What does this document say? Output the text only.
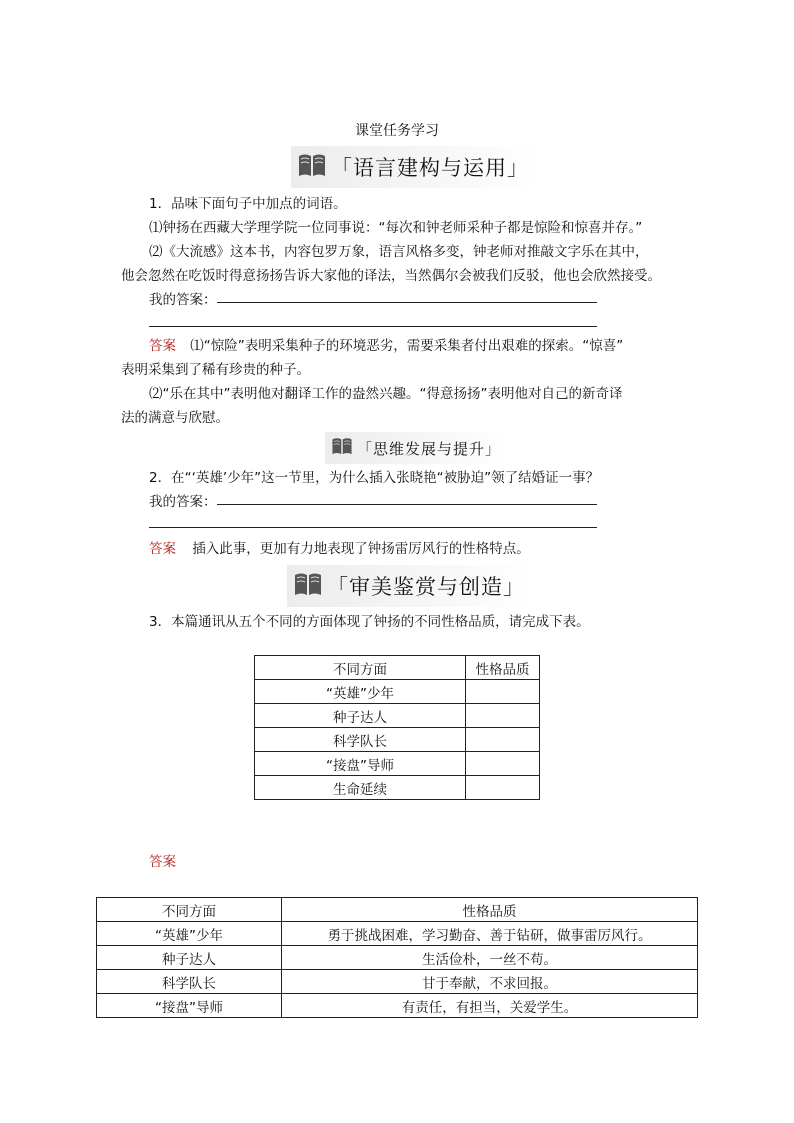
课堂任务学习
「语言建构与运用」
1．品味下面句子中加点的词语。
⑴钟扬在西藏大学理学院一位同事说：“每次和钟老师采种子都是惊险和惊喜并存。”
⑵《大流感》这本书，内容包罗万象，语言风格多变，钟老师对推敲文字乐在其中，
他会忽然在吃饭时得意扬扬告诉大家他的译法，当然偶尔会被我们反驳，他也会欣然接受。
我的答案：
答案 ⑴“惊险”表明采集种子的环境恶劣，需要采集者付出艰难的探索。“惊喜”
表明采集到了稀有珍贵的种子。
⑵“乐在其中”表明他对翻译工作的盎然兴趣。“得意扬扬”表明他对自己的新奇译
法的满意与欣慰。
「思维发展与提升」
2．在“‘英雄’少年”这一节里，为什么插入张晓艳“被胁迫”领了结婚证一事？
我的答案：
答案 插入此事，更加有力地表现了钟扬雷厉风行的性格特点。
「审美鉴赏与创造」
3．本篇通讯从五个不同的方面体现了钟扬的不同性格品质，请完成下表。
不同方面	性格品质
“英雄”少年	
种子达人	
科学队长	
“接盘”导师	
生命延续	
答案
不同方面	性格品质
“英雄”少年	勇于挑战困难，学习勤奋、善于钻研，做事雷厉风行。
种子达人	生活俭朴，一丝不苟。
科学队长	甘于奉献，不求回报。
“接盘”导师	有责任，有担当，关爱学生。
